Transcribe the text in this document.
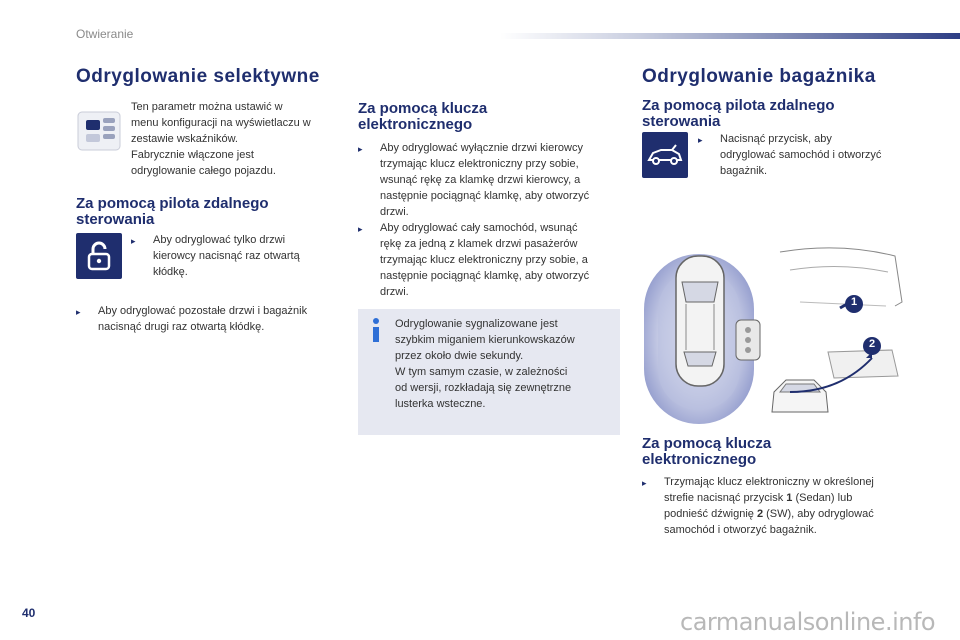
Otwieranie
Odryglowanie selektywne
Ten parametr można ustawić w
menu konfiguracji na wyświetlaczu w
zestawie wskaźników.
Fabrycznie włączone jest
odryglowanie całego pojazdu.
Za pomocą pilota zdalnego
sterowania
▸	Aby odryglować tylko drzwi
kierowcy nacisnąć raz otwartą
kłódkę.
▸	Aby odryglować pozostałe drzwi i bagażnik
nacisnąć drugi raz otwartą kłódkę.
Za pomocą klucza
elektronicznego
▸	Aby odryglować wyłącznie drzwi kierowcy
trzymając klucz elektroniczny przy sobie,
wsunąć rękę za klamkę drzwi kierowcy, a
następnie pociągnąć klamkę, aby otworzyć
drzwi.
▸	Aby odryglować cały samochód, wsunąć
rękę za jedną z klamek drzwi pasażerów
trzymając klucz elektroniczny przy sobie, a
następnie pociągnąć klamkę, aby otworzyć
drzwi.
Odryglowanie sygnalizowane jest
szybkim miganiem kierunkowskazów
przez około dwie sekundy.
W tym samym czasie, w zależności
od wersji, rozkładają się zewnętrzne
lusterka wsteczne.
Odryglowanie bagażnika
Za pomocą pilota zdalnego
sterowania
▸	Nacisnąć przycisk, aby
odryglować samochód i otworzyć
bagażnik.
1
2
Za pomocą klucza
elektronicznego
▸	Trzymając klucz elektroniczny w określonej
strefie nacisnąć przycisk 1 (Sedan) lub
podnieść dźwignię 2 (SW), aby odryglować
samochód i otworzyć bagażnik.
40	carmanualsonline.info
